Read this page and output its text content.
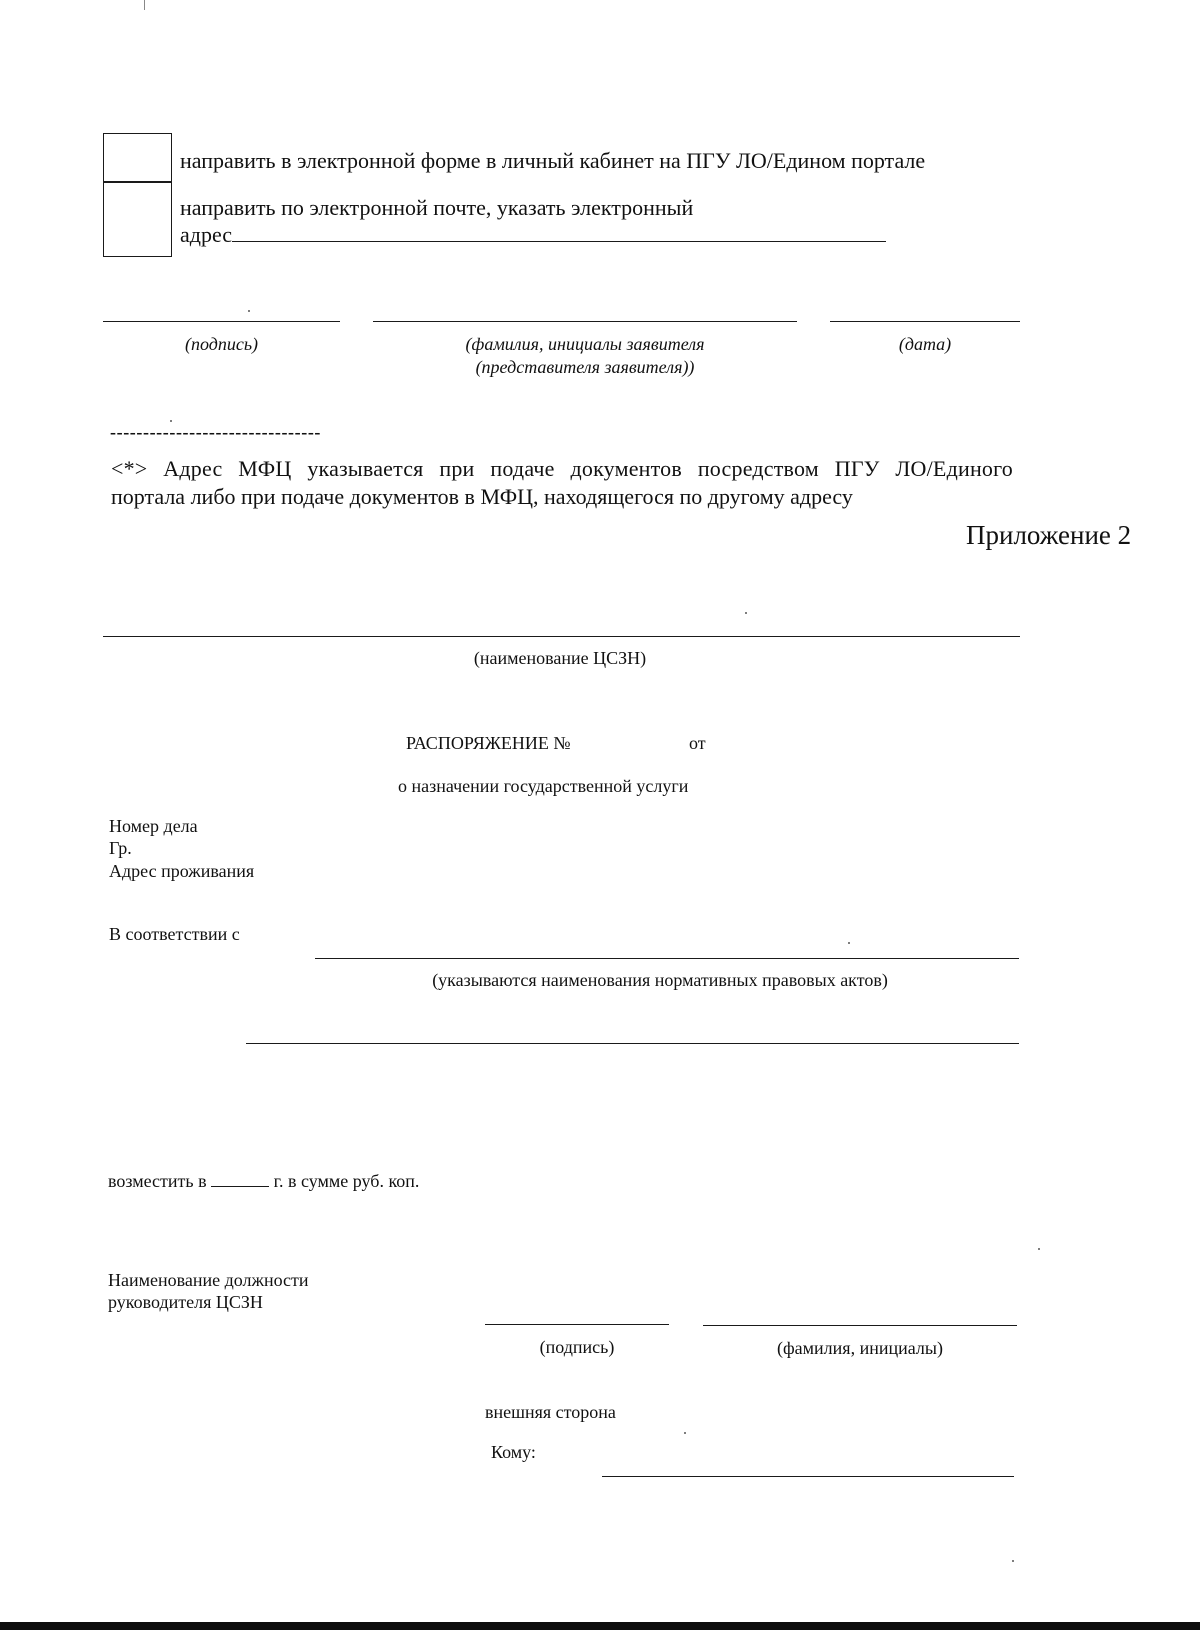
направить в электронной форме в личный кабинет на ПГУ ЛО/Едином портале
направить по электронной почте, указать электронный
адрес
(подпись)	(фамилия, инициалы заявителя
(представителя заявителя))
(дата)
--------------------------------
<*> Адрес МФЦ указывается при подаче документов посредством ПГУ ЛО/Единого
портала либо при подаче документов в МФЦ, находящегося по другому адресу
Приложение 2
(наименование ЦСЗН)
РАСПОРЯЖЕНИЕ №	от
о назначении государственной услуги
Номер дела
Гр.
Адрес проживания
В соответствии с
(указываются наименования нормативных правовых актов)
возместить в	г. в сумме руб. коп.
Наименование должности
руководителя ЦСЗН
(подпись)	(фамилия, инициалы)
внешняя сторона
Кому:
